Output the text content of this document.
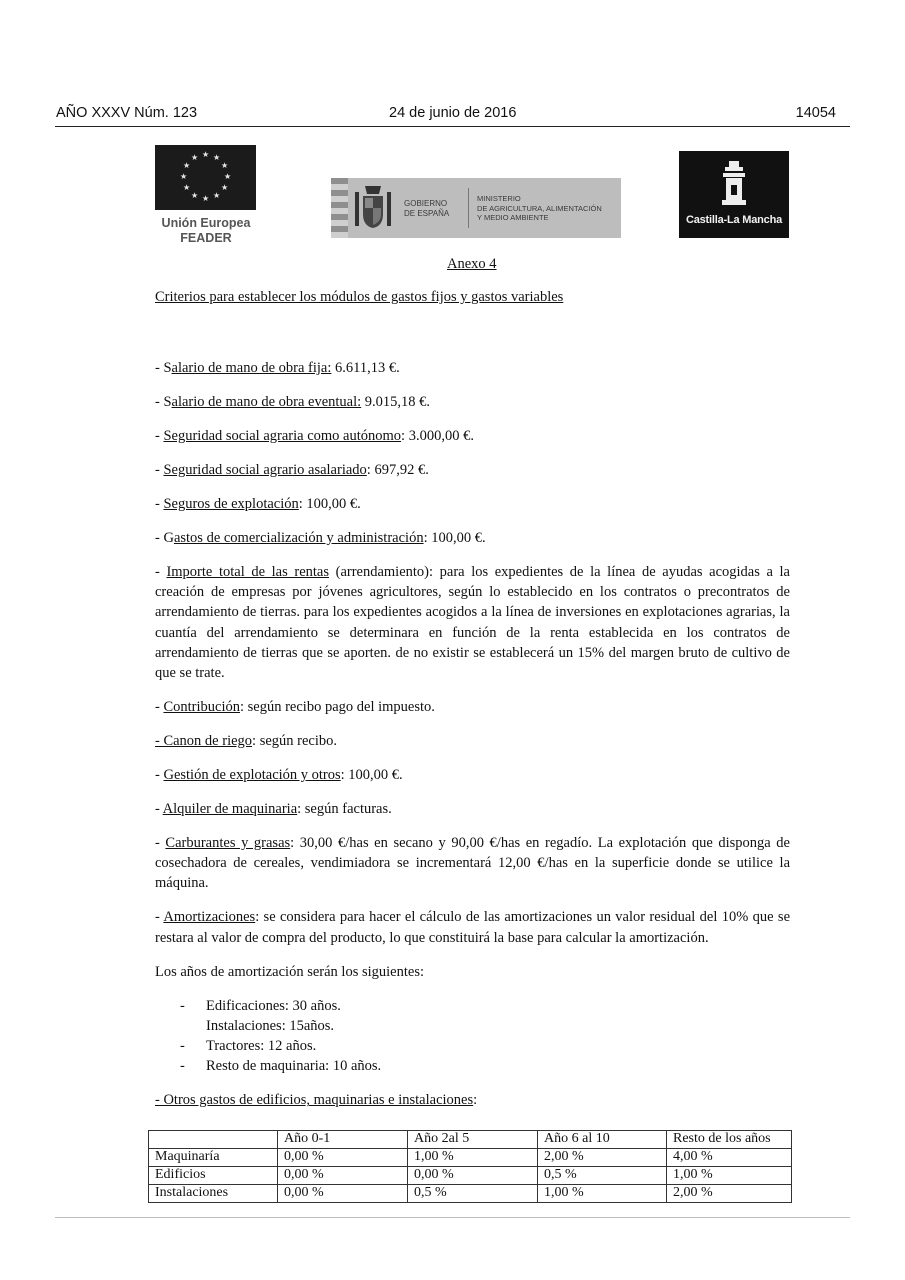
AÑO XXXV Núm. 123	24 de junio de 2016	14054
★ ★
★
★
★
★
★
★
★
★
★
★
Unión Europea
FEADER
GOBIERNO
DE ESPAÑA
MINISTERIO
DE AGRICULTURA, ALIMENTACIÓN
Y MEDIO AMBIENTE	Castilla-La Mancha
Anexo 4
Criterios para establecer los módulos de gastos fijos y gastos variables

- Salario de mano de obra fija: 6.611,13 €.

- Salario de mano de obra eventual: 9.015,18 €.

- Seguridad social agraria como autónomo: 3.000,00 €.

- Seguridad social agrario asalariado: 697,92 €.

- Seguros de explotación: 100,00 €.

- Gastos de comercialización y administración: 100,00 €.

- Importe total de las rentas (arrendamiento): para los expedientes de la línea de ayudas acogidas a la creación de empresas por jóvenes agricultores, según lo establecido en los contratos o precontratos de arrendamiento de tierras. para los expedientes acogidos a la línea de inversiones en explotaciones agrarias, la cuantía del arrendamiento se determinara en función de la renta establecida en los contratos de arrendamiento de tierras que se aporten. de no existir se establecerá un 15% del margen bruto de cultivo de que se trate.

- Contribución: según recibo pago del impuesto.

- Canon de riego: según recibo.

- Gestión de explotación y otros: 100,00 €.

- Alquiler de maquinaria: según facturas.

- Carburantes y grasas: 30,00 €/has en secano y 90,00 €/has en regadío. La explotación que disponga de cosechadora de cereales, vendimiadora se incrementará 12,00 €/has en la superficie donde se utilice la máquina.

- Amortizaciones: se considera para hacer el cálculo de las amortizaciones un valor residual del 10% que se restara al valor de compra del producto, lo que constituirá la base para calcular la amortización.

Los años de amortización serán los siguientes:

- Edificaciones: 30 años.
Instalaciones: 15años.
- Tractores: 12 años.
- Resto de maquinaria: 10 años.

- Otros gastos de edificios, maquinarias e instalaciones:

	Año 0-1	Año 2al 5	Año 6 al 10	Resto de los años
Maquinaría	0,00 %	1,00 %	2,00 %	4,00 %
Edificios	0,00 %	0,00 %	0,5 %	1,00 %
Instalaciones	0,00 %	0,5 %	1,00 %	2,00 %
